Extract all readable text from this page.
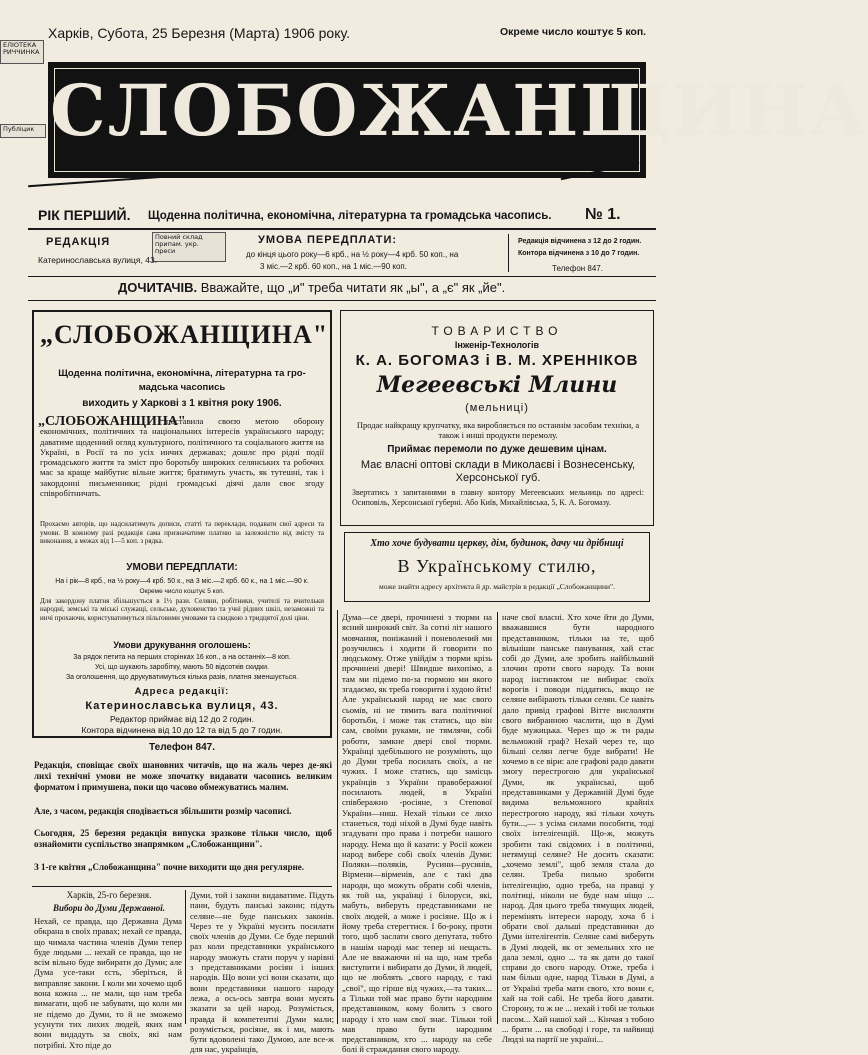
ЕЛІОТЕКА
РИЧЧИНКА
Публіцик
Повний склад
припам. укр.
преси
Харків, Субота, 25 Березня (Марта) 1906 року.	Окреме число коштує 5 коп.
СЛОБОЖАНЩИНА
РІК ПЕРШИЙ. Щоденна політична, економічна, літературна та громадська часопись. № 1.
РЕДАКЦІЯ
Катеринославська вулиця, 43.
УМОВА ПЕРЕДПЛАТИ:
до кінця цього року—6 крб., на ½ року—4 крб. 50 коп., на
3 міс.—2 крб. 60 коп., на 1 міс.—90 коп.
Редакція відчинена з 12 до 2 годин.
Контора відчинена з 10 до 7 годин.
Телефон 847.
ДОЧИТАЧІВ. Вважайте, що „и" треба читати як „ы", а „є" як „йе".
„СЛОБОЖАНЩИНА"
Щоденна політична, економічна, літературна та гро-
мадська часопись
виходить у Харкові з 1 квітня року 1906.
„СЛОБОЖАНЩИНА"
поставила своєю метою оборону економічних, політичних та національних інтересів українського народу; даватиме щоденний огляд культурного, політичного та соціального життя на Україні, в Росії та по усіх инчих державах; дошлє про рідні події громадського життя та зміст про боротьбу широких селянських та робочих мас за краще майбутнє вільне життя; братимуть участь, як тутешні, так і закордонні письменники; рідні громадські діячі дали своє згоду співробітничать.
Прохаємо авторів, що надсилатимуть дописи, статті та переклади, подавати свої адреси та умови. В кожному разі редакція сама призначатиме платню за залежністю від змісту та виконання, а межах від 1—5 коп. з рядка.
УМОВИ ПЕРЕДПЛАТИ:
На і рік—8 крб., на ½ року—4 крб. 50 к., на 3 міс.—2 крб. 60 к., на 1 міс.—90 к.
Окреме число коштує 5 коп.
Для закордону платня збільшується в 1½ рази. Селяни, робітники, учителі та вчительки народні, земські та міські служащі, сельське, духовенство та учні рідних шкіл, незаможні та инчі прохаючи, користуватимуться пільговими умовами та скидкою з тридцятої долі ціни.
Умови друкування оголошень:
За рядок петита на перших сторінках 16 коп., а на останніх—8 коп.
Усі, що шукають заробітку, мають 50 відсотків скидки.
За оголошення, що друкуватимуться кілька разів, платня зменшується.
Адреса редакції:
Катеринославська вулиця, 43.
Редактор приймає від 12 до 2 годин.
Контора відчинена від 10 до 12 та від 5 до 7 годин.
Телефон 847.
Редакція, сповіщає своїх шановних читачів, що на жаль через де-які лихі технічні умови не може зпочатку видавати часопись великим форматом і примушена, поки що часово обмежуватись малим.
Але, з часом, редакція сподівається збільшити розмір часописі.
Сьогодня, 25 березня редакція випуска зразкове тільки число, щоб ознайомити суспільство знапрямком „Слобожанщини".
З 1-ге квітня „Слобожанщина" почне виходити що дня регулярне.
Харків, 25-го березня.
Вибори до Думи Державної.
Нехай, се правда, що Державна Дума обкрана в своїх правах; нехай се правда, що чимала частина членів Думи тепер буде людьми ... нехай се правда, що не всім вільно буде вибирати до Думи; але Дума усе-таки єсть, зберіться, й виправляє закони. І коли ми хочемо щоб вона кожна ... не мали, що нам треба вимагати, щоб не забувати, що коли ми не підемо до Думи, то й не зможемо усунути тих лихих людей, яких нам вони видадуть за своїх, які нам потрібні. Хто піде до
Думи, той і закони видаватиме. Підуть пани, будуть панські закони; підуть селяне—не буде панських законів. Через те у Україні мусить посилати своїх членів до Думи. Се буде перший раз коли представники українського народу зможуть стати поруч у нарівні з представниками росіян і інших народів. Що вони усі вони сказати, що вони представники нашого народу лежа, а ось-ось завтра вони мусять зказати за цей народ. Розуміється, правда й компетентні Думи мали; розуміється, росіяне, як і ми, мають бути вдоволені тако Думою, але все-ж для нас, українців,
ТОВАРИСТВО
Інженір-Технологів
К. А. БОГОМАЗ і В. М. ХРЕННІКОВ
Мегеевські Млини
(мельниці)
Продає найкращу крупчатку, яка виробляється по останнім засобам техніки, а також і инші продукти перемолу.
Приймає перемоли по дуже дешевим цінам.
Має власні оптові склади в Миколаєві і Вознесенську, Херсонської губ.
Звертатись з запитаннями в главну контору Мегеевських мельниць по адресі: Осиповіль, Херсонської губерні. Або Київ, Михайлівська, 5, К. А. Богомазу.
Хто хоче будувати церкву, дім, будинок, дачу чи дрібниці
В Українському стилю,
може знайти адресу архітекта й др. майстрів в редакції „Слобожанщини".
Дума—се двері, прочинені з тюрми на ясний широкий світ. За сотні літ нашого мовчання, поніжаний і поневолений ми розучились і ходити й говорити по людському. Отже увійдім з тюрми крізь прочинені двері! Швидше вихопімо, а там ми підемо по-за гюрмою ми якого згадаємо, як треба говорити і худою йти! Але український народ не має свого сьомів, ні не тямить вага політичної боротьби, і може так статись, що він сам, своїми руками, не тямлячи, собі роботи, замкне двері свої тюрми. Українці здебільшого не розуміють, що до Думи треба посилать своїх, а не чужих. І може статись, що замісць українців з України правоберажної посилають людей, в Україні співберажно -росіяне, з Степової України—ниш. Нехай тільки се лихо станеться, тоді ніхой в Думі буде навіть згадувати про права і потреби нашого народу. Нема що й казати: у Росії кожен народ вибере собі своїх членів Думи: Поляки—поляків, Русини—русинів, Вірмени—вірменів, але є такі два народи, що можуть обрати собі членів, як той на, українці і білоруси, які, мабуть, виберуть представниками не своїх людей, а може і росіяне. Що ж і йому треба стерегтися. І бо-року, проти того, щоб заслати свого депутата, тобто в нашім народі має тепер ні нещасть. Але не вважаючи ні на що, нам треба виступити і вибирати до Думи, й людей, що не люблять „свого народу, є такі „свої", що гірше від чужих,—та таких... а Тільки той має право бути народним представником, кому болить з свого народу і хто нам свої знає. Тільки той мав право бути народним представником, хто ... народу на себе болі й страждання свого народу.
наче свої власні. Хто хоче йти до Думи, вважавшися бути народного представником, тільки на те, щоб вільніши панське панування, хай стає собі до Думи, але зробить найбільший злочин проти свого народу. Та вони народ інстинктом не вибирає своїх ворогів і поводи піддатись, якщо не селяне вибірають тільки селян. Се навіть дало привід графові Вітте вислоляти свого вибранною часлити, що в Думі буде мужицька. Через що ж ти рады вельможнй граф? Нехай через те, що більші селян легче буде вибрати! Не хочемо в се віри: але графові радо давати змогу перестрогою для української Думи, як українські, щоб представниками у Державній Думі буде видима вельможного крайніх перестрогою народу, які тільки хочуть бути...,— з усіма силами пособити, тоді своїх інтелігенцій. Що-ж, можуть зробити такі свідомих і в політичні, нетямущі селяне? Не досить сказати: „хочемо землі", щоб земля стала до селян. Треба пильно зробити інтелігенцію, одно треба, на правці у політиці, ніколи не буде нам ніщо ... народ. Для цього треба тямущих людей, перемінять інтереси народу, хоча б і обрати свої дальші представники до Думи інтелігентів. Селяне самі виберуть в Думі людей, як от земельних хто не дала землі, одно ... та як дати до такої справи до свого народу. Отже, треба і нам більш одне, народ Тільки в Думі, а от Україні треба мати свого, хто вони є, хай на той сабі. Не треба його давати. Сторону, то ж не ... нехай і тобі не тольки пасом... Хай нашої хай ... Кінчая з тобою ... брати ... на свободі і горе, та найвищі Людзі на партії не україні...
